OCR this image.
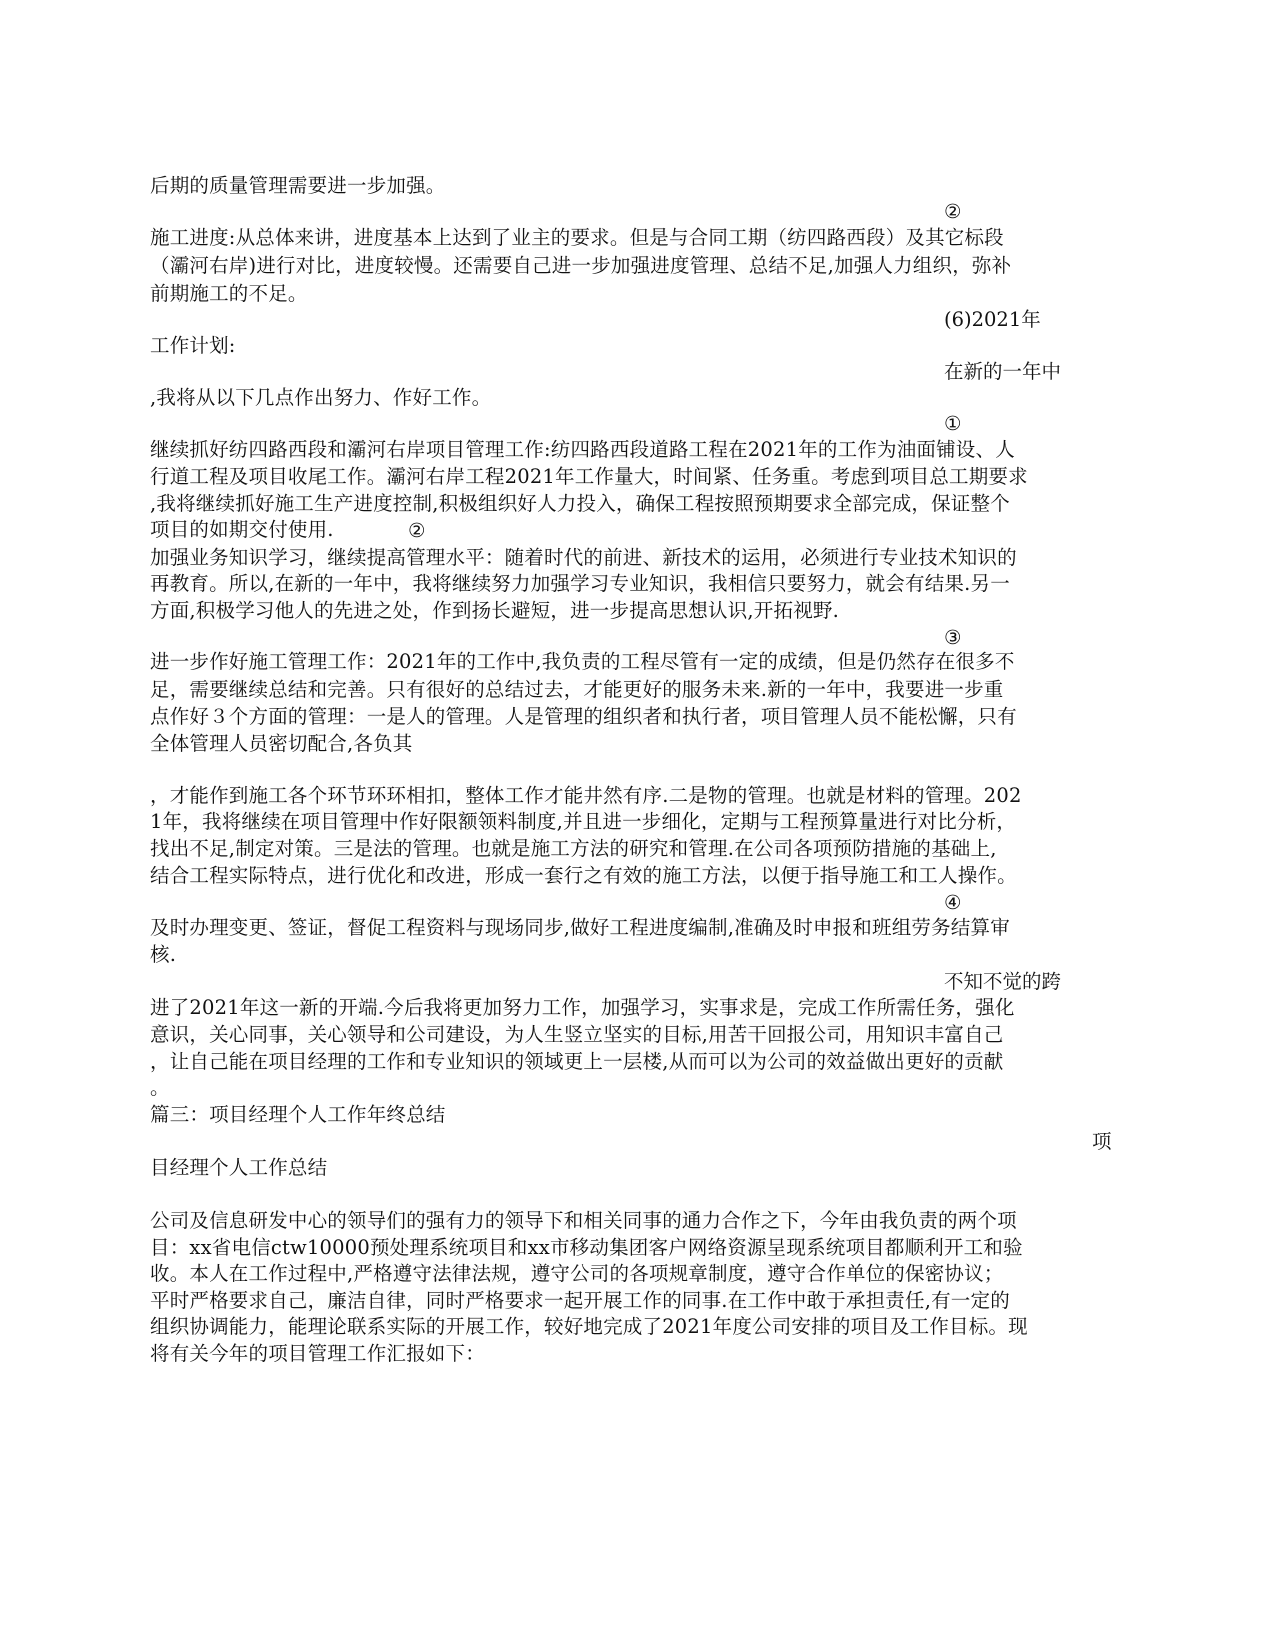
后期的质量管理需要进一步加强。
②
施工进度:从总体来讲，进度基本上达到了业主的要求。但是与合同工期（纺四路西段）及其它标段
（灞河右岸)进行对比，进度较慢。还需要自己进一步加强进度管理、总结不足,加强人力组织，弥补
前期施工的不足。
(6)2021年
工作计划:
在新的一年中
,我将从以下几点作出努力、作好工作。
①
继续抓好纺四路西段和灞河右岸项目管理工作:纺四路西段道路工程在2021年的工作为油面铺设、人
行道工程及项目收尾工作。灞河右岸工程2021年工作量大，时间紧、任务重。考虑到项目总工期要求
,我将继续抓好施工生产进度控制,积极组织好人力投入，确保工程按照预期要求全部完成，保证整个
项目的如期交付使用.	②
加强业务知识学习，继续提高管理水平：随着时代的前进、新技术的运用，必须进行专业技术知识的
再教育。所以,在新的一年中，我将继续努力加强学习专业知识，我相信只要努力，就会有结果.另一
方面,积极学习他人的先进之处，作到扬长避短，进一步提高思想认识,开拓视野.
③
进一步作好施工管理工作：2021年的工作中,我负责的工程尽管有一定的成绩，但是仍然存在很多不
足，需要继续总结和完善。只有很好的总结过去，才能更好的服务未来.新的一年中，我要进一步重
点作好３个方面的管理：一是人的管理。人是管理的组织者和执行者，项目管理人员不能松懈，只有
全体管理人员密切配合,各负其
，才能作到施工各个环节环环相扣，整体工作才能井然有序.二是物的管理。也就是材料的管理。202
1年，我将继续在项目管理中作好限额领料制度,并且进一步细化，定期与工程预算量进行对比分析，
找出不足,制定对策。三是法的管理。也就是施工方法的研究和管理.在公司各项预防措施的基础上,
结合工程实际特点，进行优化和改进，形成一套行之有效的施工方法，以便于指导施工和工人操作。
④
及时办理变更、签证，督促工程资料与现场同步,做好工程进度编制,准确及时申报和班组劳务结算审
核.
不知不觉的跨
进了2021年这一新的开端.今后我将更加努力工作，加强学习，实事求是，完成工作所需任务，强化
意识，关心同事，关心领导和公司建设，为人生竖立坚实的目标,用苦干回报公司，用知识丰富自己
，让自己能在项目经理的工作和专业知识的领域更上一层楼,从而可以为公司的效益做出更好的贡献
。
篇三：项目经理个人工作年终总结
项
目经理个人工作总结
公司及信息研发中心的领导们的强有力的领导下和相关同事的通力合作之下，今年由我负责的两个项
目：xx省电信ctw10000预处理系统项目和xx市移动集团客户网络资源呈现系统项目都顺利开工和验
收。本人在工作过程中,严格遵守法律法规，遵守公司的各项规章制度，遵守合作单位的保密协议；
平时严格要求自己，廉洁自律，同时严格要求一起开展工作的同事.在工作中敢于承担责任,有一定的
组织协调能力，能理论联系实际的开展工作，较好地完成了2021年度公司安排的项目及工作目标。现
将有关今年的项目管理工作汇报如下：
